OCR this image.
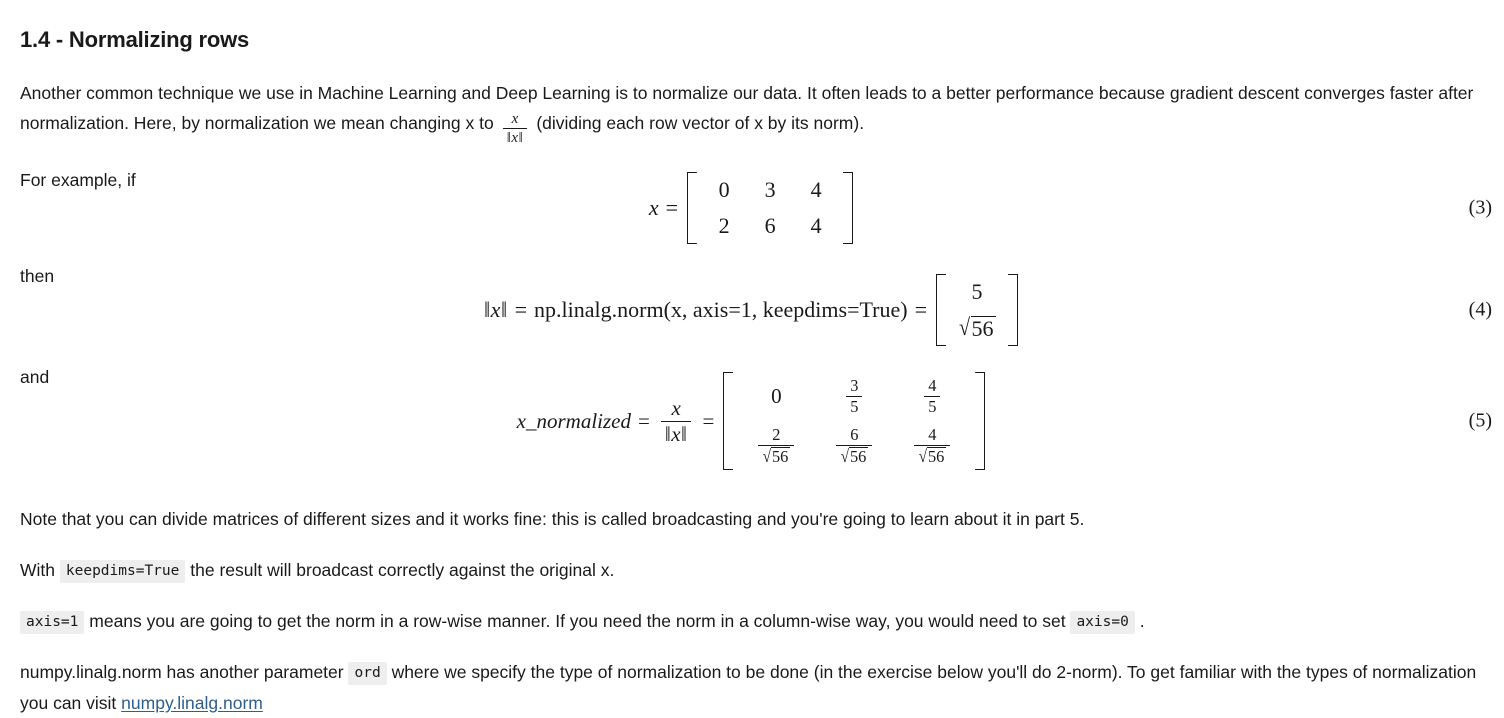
1.4 - Normalizing rows

Another common technique we use in Machine Learning and Deep Learning is to normalize our data. It often leads to a better performance because gradient descent converges faster after normalization. Here, by normalization we mean changing x to $\frac{x}{‖x‖}$ (dividing each row vector of x by its norm).

For example, if

x =
0	3	4
2	6	4
(3)

then

‖x‖ = np.linalg.norm(x, axis=1, keepdims=True) =
5
√ 56
(4)

and

x_normalized = $\frac{x}{‖x‖}$ =
0	$\frac{3}{5}$	$\frac{4}{5}$
$\frac{2}{√ 56}$	$\frac{6}{√ 56}$	$\frac{4}{√ 56}$
(5)

Note that you can divide matrices of different sizes and it works fine: this is called broadcasting and you're going to learn about it in part 5.

With keepdims=True the result will broadcast correctly against the original x.

axis=1 means you are going to get the norm in a row-wise manner. If you need the norm in a column-wise way, you would need to set axis=0 .

numpy.linalg.norm has another parameter ord where we specify the type of normalization to be done (in the exercise below you'll do 2-norm). To get familiar with the types of normalization you can visit numpy.linalg.norm
